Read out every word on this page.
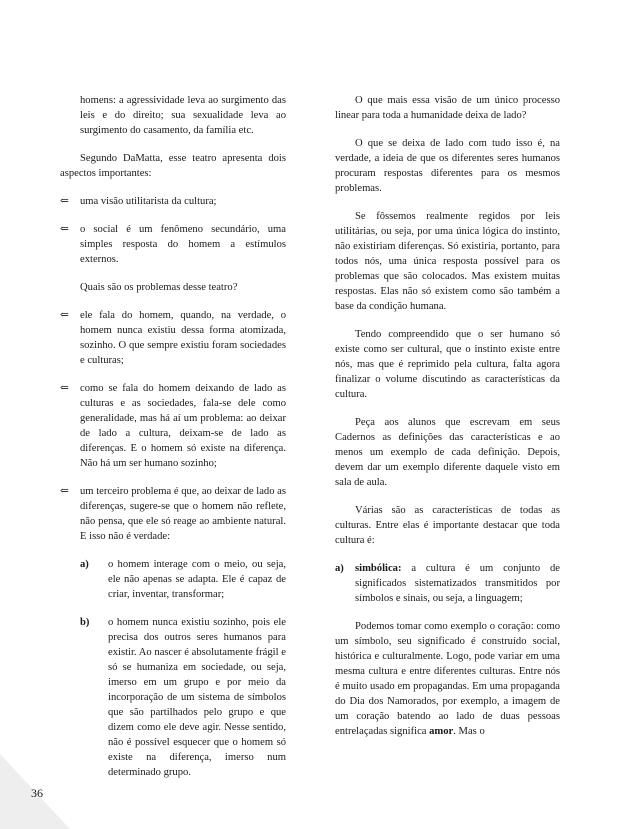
homens: a agressividade leva ao surgimento das leis e do direito; sua sexualidade leva ao surgimento do casamento, da família etc.

Segundo DaMatta, esse teatro apresenta dois aspectos importantes:

⇐	uma visão utilitarista da cultura;
⇐	o social é um fenômeno secundário, uma simples resposta do homem a estímulos externos.

Quais são os problemas desse teatro?

⇐	ele fala do homem, quando, na verdade, o homem nunca existiu dessa forma atomizada, sozinho. O que sempre existiu foram sociedades e culturas;
⇐	como se fala do homem deixando de lado as culturas e as sociedades, fala-se dele como generalidade, mas há aí um problema: ao deixar de lado a cultura, deixam-se de lado as diferenças. E o homem só existe na diferença. Não há um ser humano sozinho;
⇐	um terceiro problema é que, ao deixar de lado as diferenças, sugere-se que o homem não reflete, não pensa, que ele só reage ao ambiente natural. E isso não é verdade:
a) o homem interage com o meio, ou seja, ele não apenas se adapta. Ele é capaz de criar, inventar, transformar;
b) o homem nunca existiu sozinho, pois ele precisa dos outros seres humanos para existir. Ao nascer é absolutamente frágil e só se humaniza em sociedade, ou seja, imerso em um grupo e por meio da incorporação de um sistema de símbolos que são partilhados pelo grupo e que dizem como ele deve agir. Nesse sentido, não é possível esquecer que o homem só existe na diferença, imerso num determinado grupo.

O que mais essa visão de um único processo linear para toda a humanidade deixa de lado?

O que se deixa de lado com tudo isso é, na verdade, a ideia de que os diferentes seres humanos procuram respostas diferentes para os mesmos problemas.

Se fôssemos realmente regidos por leis utilitárias, ou seja, por uma única lógica do instinto, não existiriam diferenças. Só existiria, portanto, para todos nós, uma única resposta possível para os problemas que são colocados. Mas existem muitas respostas. Elas não só existem como são também a base da condição humana.

Tendo compreendido que o ser humano só existe como ser cultural, que o instinto existe entre nós, mas que é reprimido pela cultura, falta agora finalizar o volume discutindo as características da cultura.

Peça aos alunos que escrevam em seus Cadernos as definições das características e ao menos um exemplo de cada definição. Depois, devem dar um exemplo diferente daquele visto em sala de aula.

Várias são as características de todas as culturas. Entre elas é importante destacar que toda cultura é:

a) simbólica: a cultura é um conjunto de significados sistematizados transmitidos por símbolos e sinais, ou seja, a linguagem;

Podemos tomar como exemplo o coração: como um símbolo, seu significado é construído social, histórica e culturalmente. Logo, pode variar em uma mesma cultura e entre diferentes culturas. Entre nós é muito usado em propagandas. Em uma propaganda do Dia dos Namorados, por exemplo, a imagem de um coração batendo ao lado de duas pessoas entrelaçadas significa amor. Mas o

36
